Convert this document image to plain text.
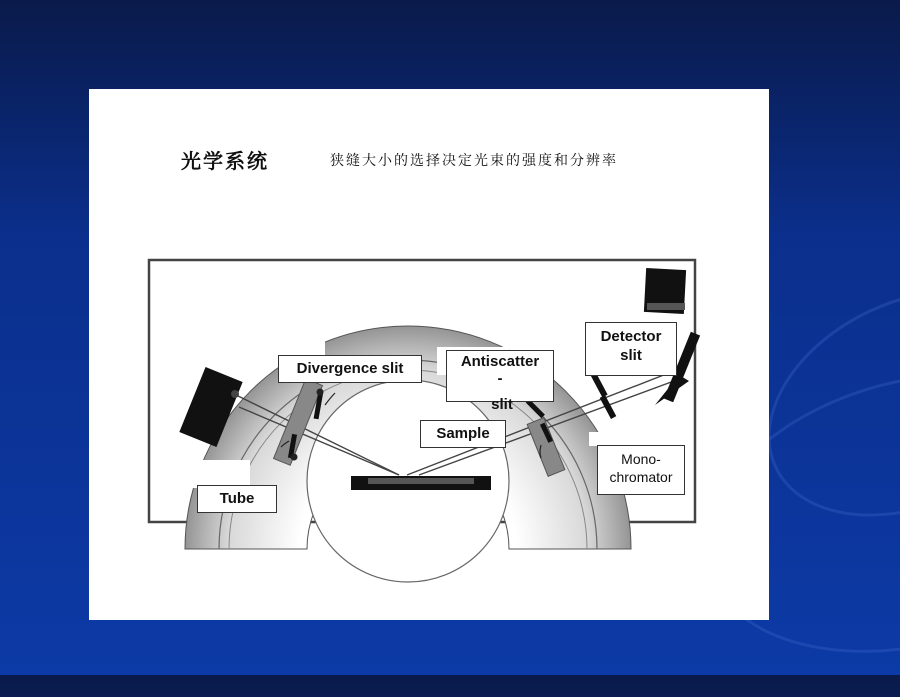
光学系统	狭缝大小的选择决定光束的强度和分辨率
Divergence slit	Antiscatter
-
slit
Detector
slit
Sample
Mono-
chromator
Tube
